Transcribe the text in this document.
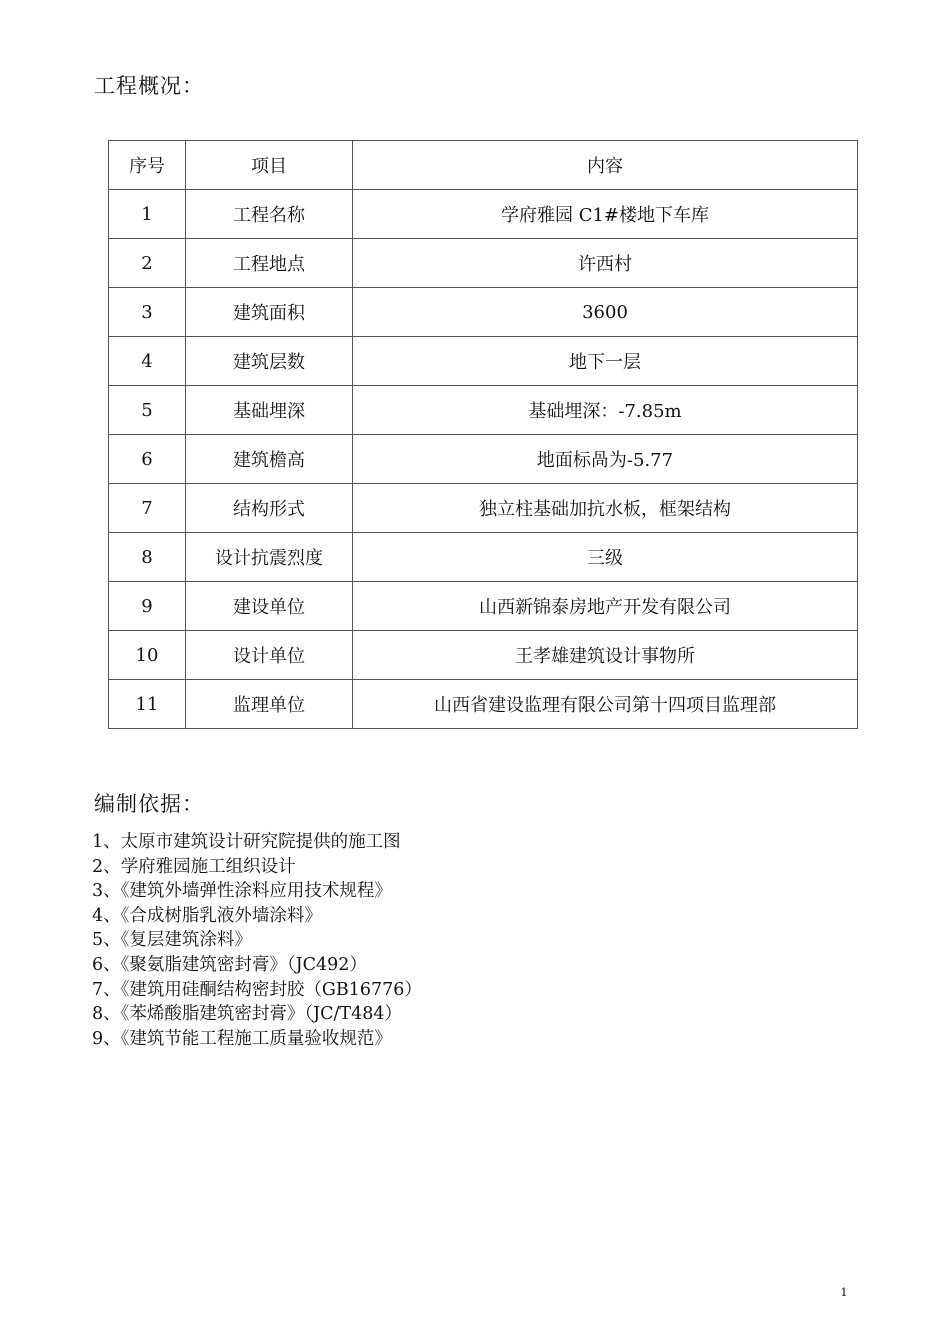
工程概况：
序号	项目	内容
1	工程名称	学府雅园 C1#楼地下车库
2	工程地点	许西村
3	建筑面积	3600
4	建筑层数	地下一层
5	基础埋深	基础埋深：-7.85m
6	建筑檐高	地面标咼为-5.77
7	结构形式	独立柱基础加抗水板，框架结构
8	设计抗震烈度	三级
9	建设单位	山西新锦泰房地产开发有限公司
10	设计单位	王孝雄建筑设计事物所
11	监理单位	山西省建设监理有限公司第十四项目监理部
编制依据：
1、太原市建筑设计研究院提供的施工图
2、学府雅园施工组织设计
3、《建筑外墙弹性涂料应用技术规程》
4、《合成树脂乳液外墙涂料》
5、《复层建筑涂料》
6、《聚氨脂建筑密封膏》（JC492）
7、《建筑用硅酮结构密封胶（GB16776）
8、《苯烯酸脂建筑密封膏》（JC/T484）
9、《建筑节能工程施工质量验收规范》
1
